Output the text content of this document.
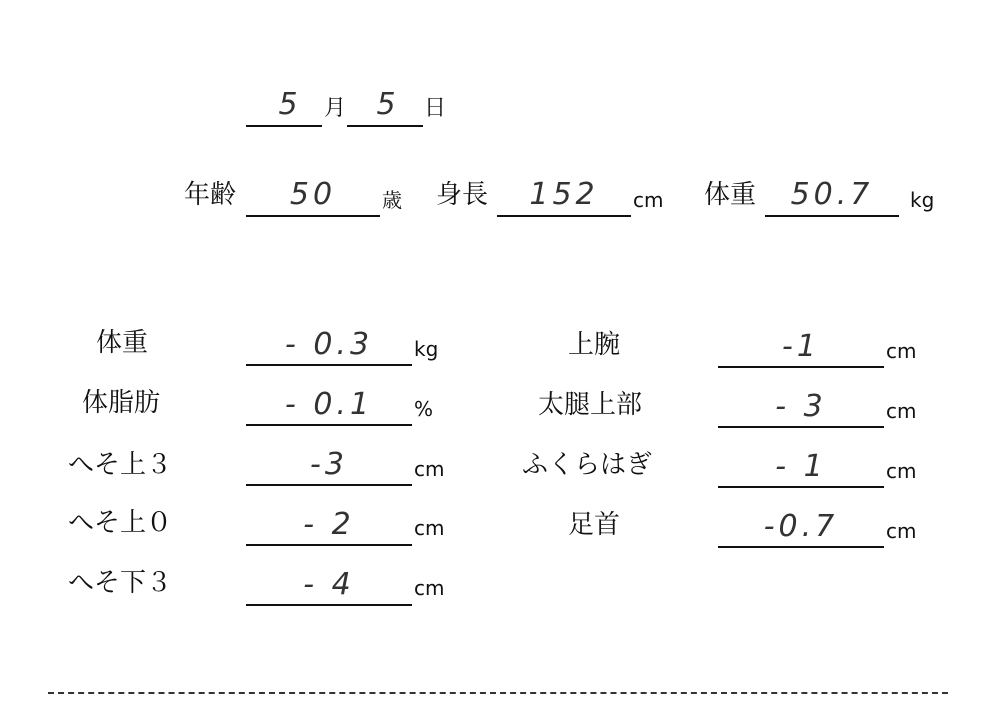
5	月	5	日
年齢	50	歳 身長	152	cm 体重	50.7	kg
体重	- 0.3	kg
体脂肪	- 0.1	%
へそ上３	-3	cm
へそ上０	- 2	cm
へそ下３	- 4	cm
上腕	-1	cm
太腿上部	- 3	cm
ふくらはぎ	- 1	cm
足首	-0.7	cm
